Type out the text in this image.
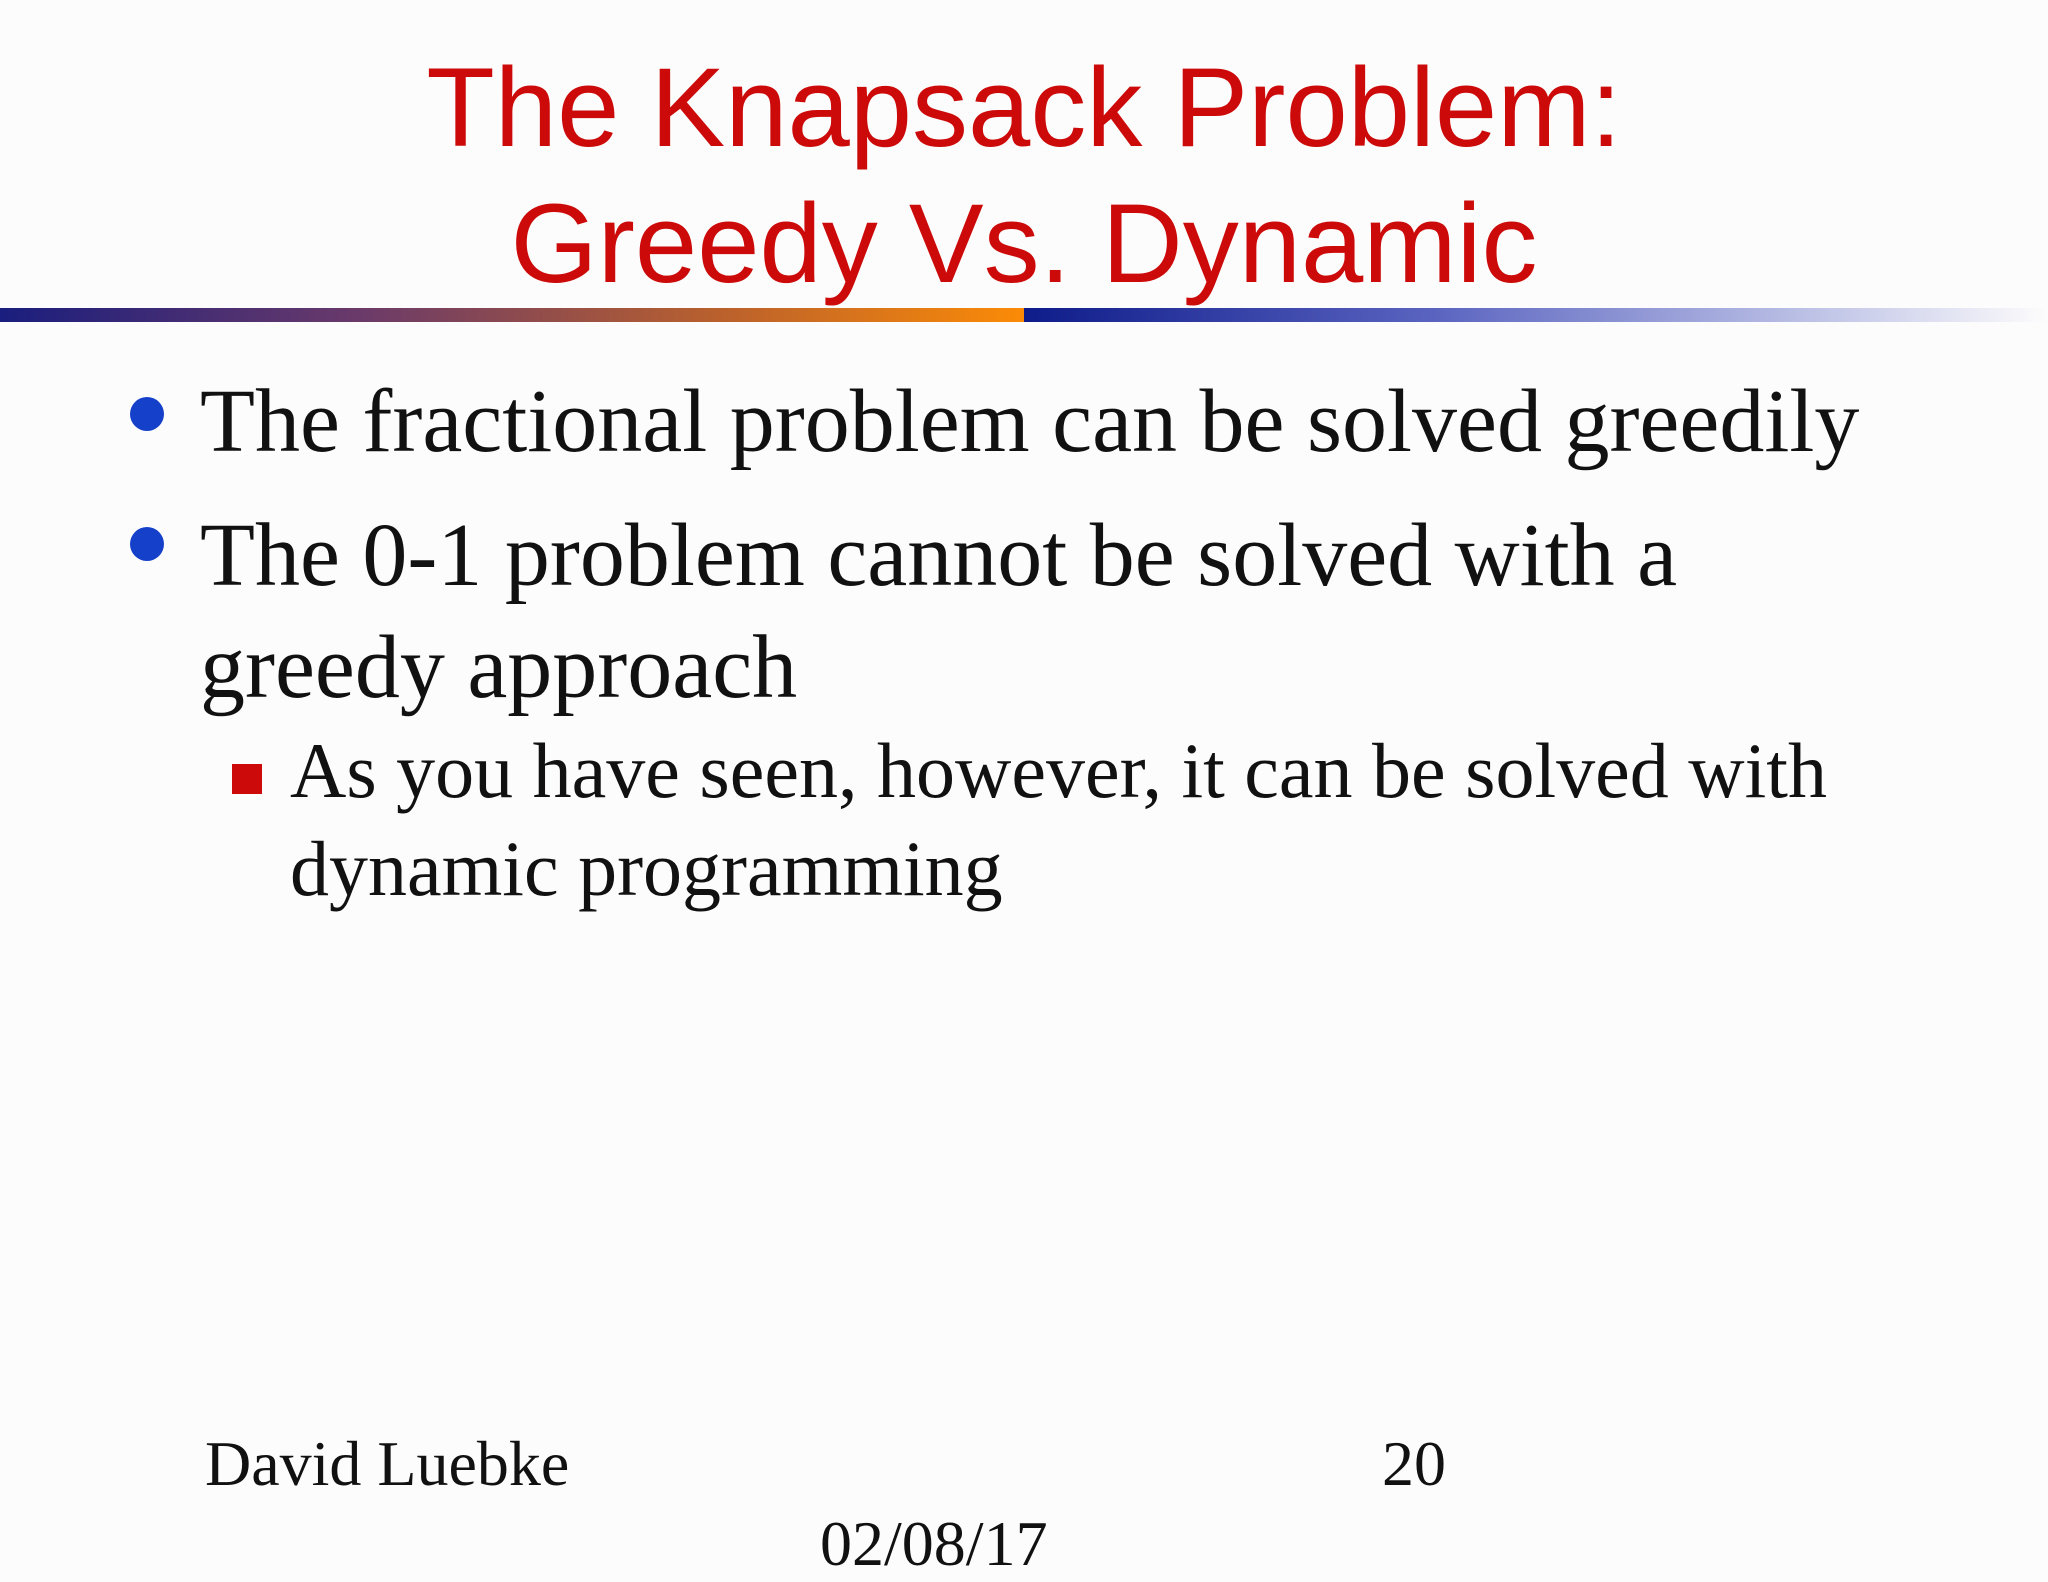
The Knapsack Problem:
Greedy Vs. Dynamic
The fractional problem can be solved greedily
The 0-1 problem cannot be solved with a greedy approach
As you have seen, however, it can be solved with dynamic programming
David Luebke	20
02/08/17
